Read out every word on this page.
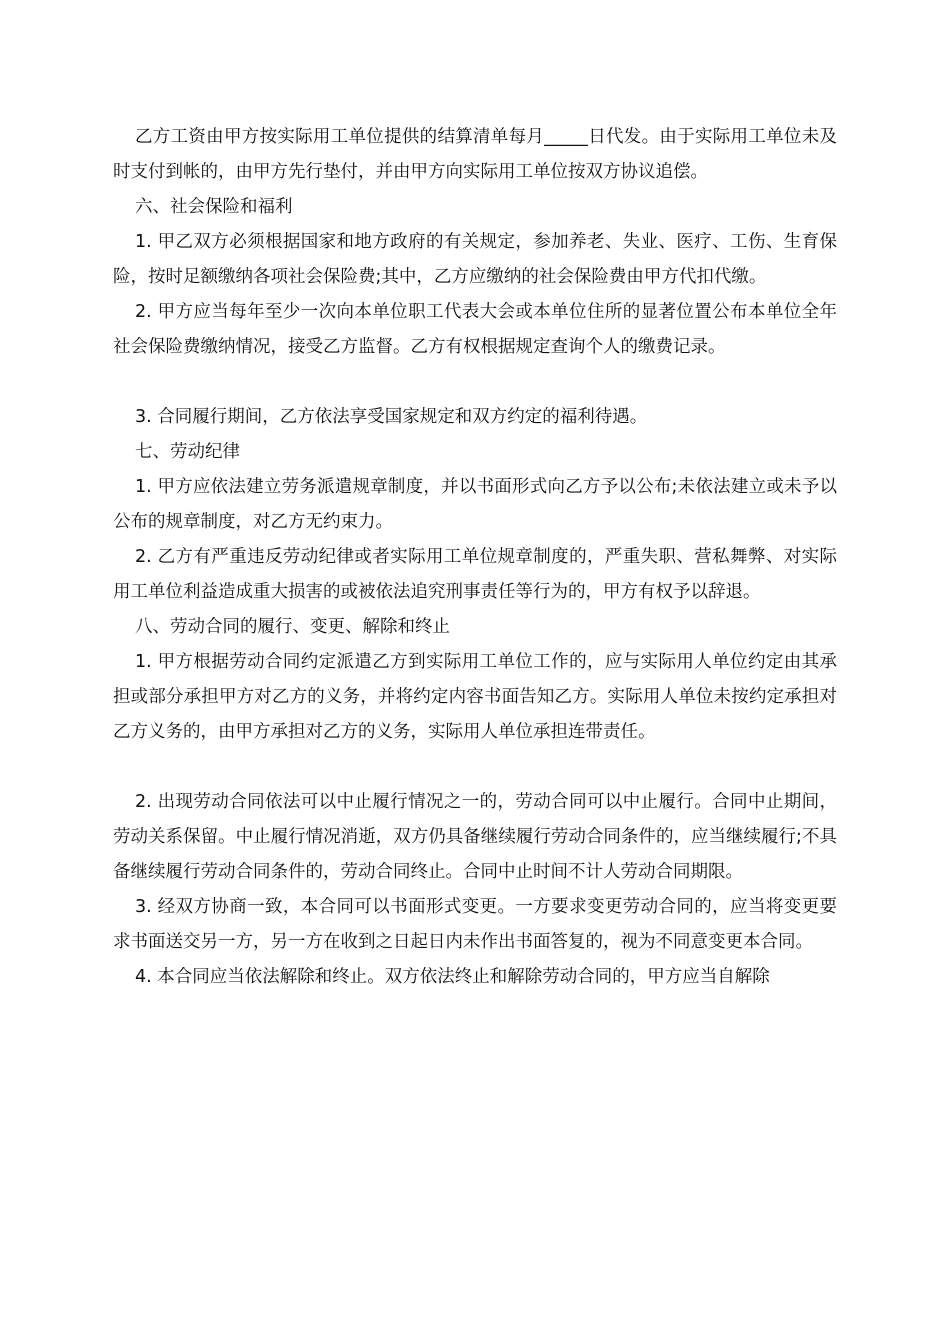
乙方工资由甲方按实际用工单位提供的结算清单每月_____日代发。由于实际用工单位未及时支付到帐的，由甲方先行垫付，并由甲方向实际用工单位按双方协议追偿。

六、社会保险和福利

1. 甲乙双方必须根据国家和地方政府的有关规定，参加养老、失业、医疗、工伤、生育保险，按时足额缴纳各项社会保险费;其中，乙方应缴纳的社会保险费由甲方代扣代缴。

2. 甲方应当每年至少一次向本单位职工代表大会或本单位住所的显著位置公布本单位全年社会保险费缴纳情况，接受乙方监督。乙方有权根据规定查询个人的缴费记录。

3. 合同履行期间，乙方依法享受国家规定和双方约定的福利待遇。

七、劳动纪律

1. 甲方应依法建立劳务派遣规章制度，并以书面形式向乙方予以公布;未依法建立或未予以公布的规章制度，对乙方无约束力。

2. 乙方有严重违反劳动纪律或者实际用工单位规章制度的，严重失职、营私舞弊、对实际用工单位利益造成重大损害的或被依法追究刑事责任等行为的，甲方有权予以辞退。

八、劳动合同的履行、变更、解除和终止

1. 甲方根据劳动合同约定派遣乙方到实际用工单位工作的，应与实际用人单位约定由其承担或部分承担甲方对乙方的义务，并将约定内容书面告知乙方。实际用人单位未按约定承担对乙方义务的，由甲方承担对乙方的义务，实际用人单位承担连带责任。

2. 出现劳动合同依法可以中止履行情况之一的，劳动合同可以中止履行。合同中止期间，劳动关系保留。中止履行情况消逝，双方仍具备继续履行劳动合同条件的，应当继续履行;不具备继续履行劳动合同条件的，劳动合同终止。合同中止时间不计人劳动合同期限。

3. 经双方协商一致，本合同可以书面形式变更。一方要求变更劳动合同的，应当将变更要求书面送交另一方，另一方在收到之日起日内未作出书面答复的，视为不同意变更本合同。

4. 本合同应当依法解除和终止。双方依法终止和解除劳动合同的，甲方应当自解除
